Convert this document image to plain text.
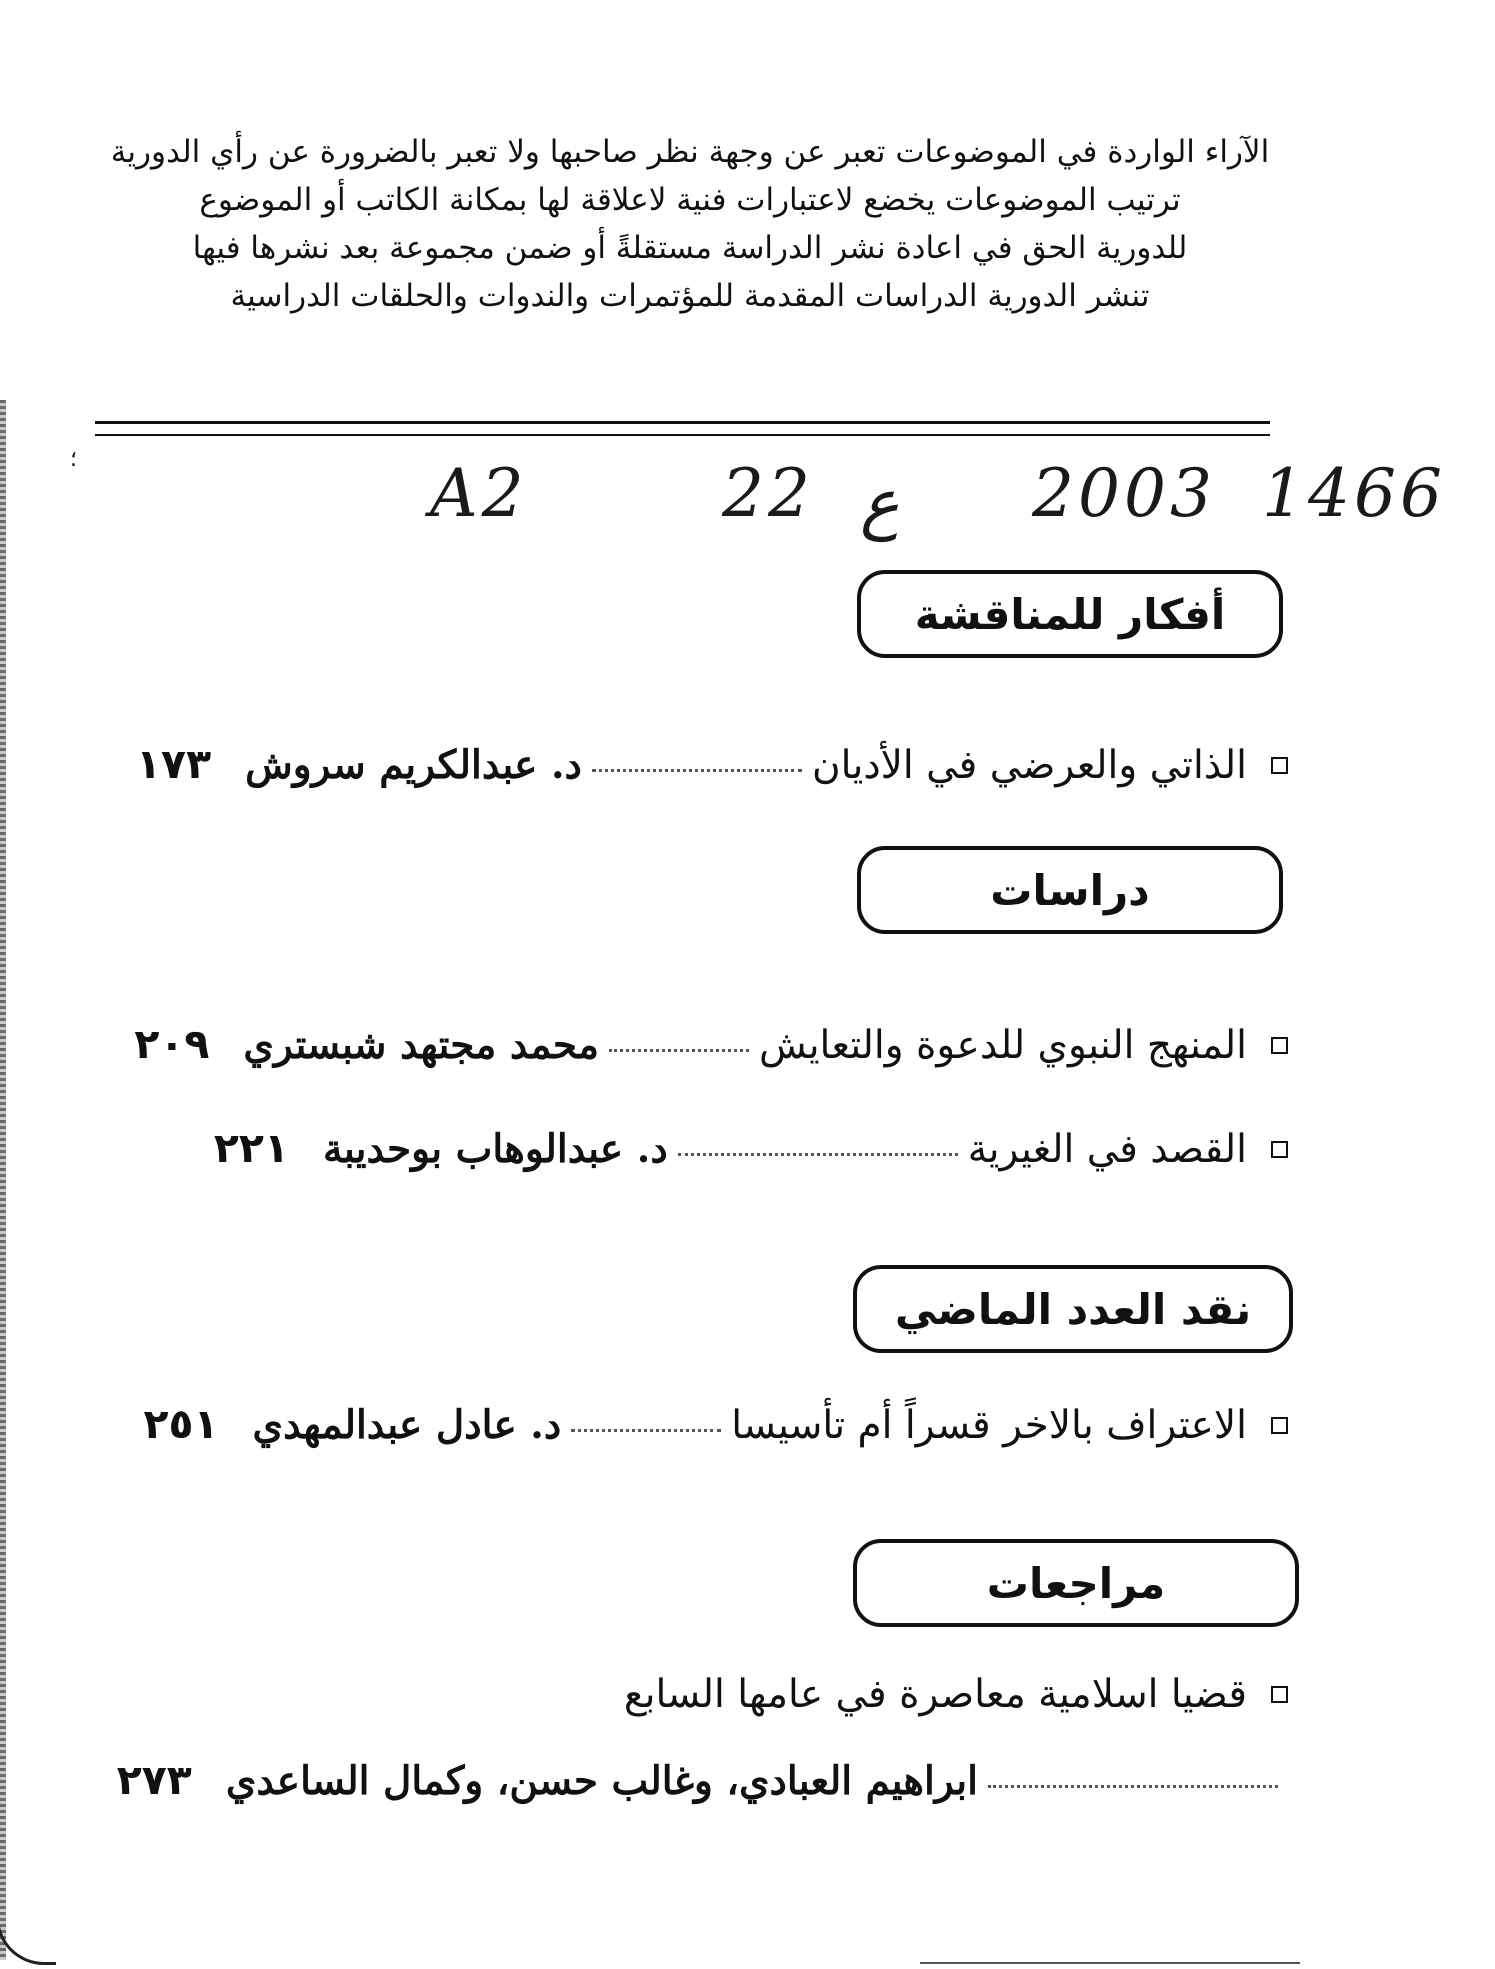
الآراء الواردة في الموضوعات تعبر عن وجهة نظر صاحبها ولا تعبر بالضرورة عن رأي الدورية
ترتيب الموضوعات يخضع لاعتبارات فنية لاعلاقة لها بمكانة الكاتب أو الموضوع
للدورية الحق في اعادة نشر الدراسة مستقلةً أو ضمن مجموعة بعد نشرها فيها
تنشر الدورية الدراسات المقدمة للمؤتمرات والندوات والحلقات الدراسية
؛	A2	22 ع 2003 1466
أفكار للمناقشة
الذاتي والعرضي في الأديان
د. عبدالكريم سروش
١٧٣
دراسات
المنهج النبوي للدعوة والتعايش
محمد مجتهد شبستري
٢٠٩
القصد في الغيرية
د. عبدالوهاب بوحديبة
٢٢١
نقد العدد الماضي
الاعتراف بالاخر قسراً أم تأسيسا
د. عادل عبدالمهدي
٢٥١
مراجعات
قضيا اسلامية معاصرة في عامها السابع
ابراهيم العبادي، وغالب حسن، وكمال الساعدي
٢٧٣
